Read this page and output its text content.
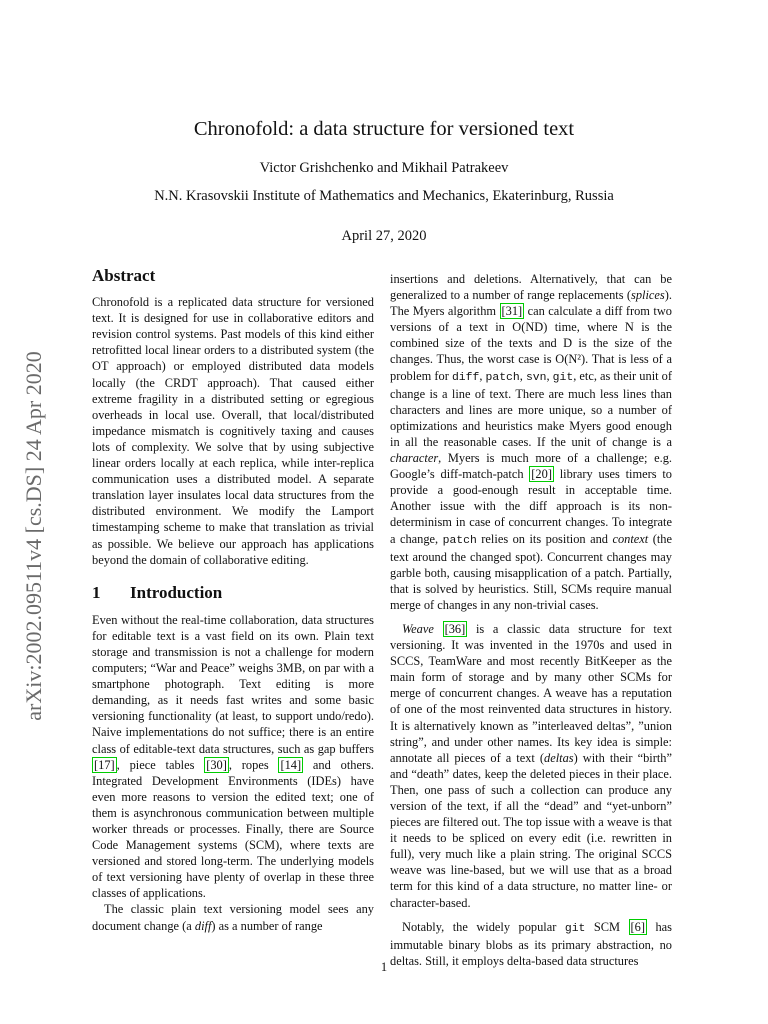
arXiv:2002.09511v4 [cs.DS] 24 Apr 2020
Chronofold: a data structure for versioned text
Victor Grishchenko and Mikhail Patrakeev
N.N. Krasovskii Institute of Mathematics and Mechanics, Ekaterinburg, Russia
April 27, 2020
Abstract

Chronofold is a replicated data structure for versioned text. It is designed for use in collaborative editors and revision control systems. Past models of this kind either retrofitted local linear orders to a distributed system (the OT approach) or employed distributed data models locally (the CRDT approach). That caused either extreme fragility in a distributed setting or egregious overheads in local use. Overall, that local/distributed impedance mismatch is cognitively taxing and causes lots of complexity. We solve that by using subjective linear orders locally at each replica, while inter-replica communication uses a distributed model. A separate translation layer insulates local data structures from the distributed environment. We modify the Lamport timestamping scheme to make that translation as trivial as possible. We believe our approach has applications beyond the domain of collaborative editing.

1 Introduction

Even without the real-time collaboration, data structures for editable text is a vast field on its own. Plain text storage and transmission is not a challenge for modern computers; “War and Peace” weighs 3MB, on par with a smartphone photograph. Text editing is more demanding, as it needs fast writes and some basic versioning functionality (at least, to support undo/redo). Naive implementations do not suffice; there is an entire class of editable-text data structures, such as gap buffers [17] , piece tables [30] , ropes [14] and others. Integrated Development Environments (IDEs) have even more reasons to version the edited text; one of them is asynchronous communication between multiple worker threads or processes. Finally, there are Source Code Management systems (SCM), where texts are versioned and stored long-term. The underlying models of text versioning have plenty of overlap in these three classes of applications.

The classic plain text versioning model sees any document change (a diff) as a number of range

insertions and deletions. Alternatively, that can be generalized to a number of range replacements (splices). The Myers algorithm [31] can calculate a diff from two versions of a text in O(ND) time, where N is the combined size of the texts and D is the size of the changes. Thus, the worst case is O(N²). That is less of a problem for diff, patch, svn, git, etc, as their unit of change is a line of text. There are much less lines than characters and lines are more unique, so a number of optimizations and heuristics make Myers good enough in all the reasonable cases. If the unit of change is a character, Myers is much more of a challenge; e.g. Google’s diff-match-patch [20] library uses timers to provide a good-enough result in acceptable time. Another issue with the diff approach is its non-determinism in case of concurrent changes. To integrate a change, patch relies on its position and context (the text around the changed spot). Concurrent changes may garble both, causing misapplication of a patch. Partially, that is solved by heuristics. Still, SCMs require manual merge of changes in any non-trivial cases.

Weave [36] is a classic data structure for text versioning. It was invented in the 1970s and used in SCCS, TeamWare and most recently BitKeeper as the main form of storage and by many other SCMs for merge of concurrent changes. A weave has a reputation of one of the most reinvented data structures in history. It is alternatively known as ”interleaved deltas”, ”union string”, and under other names. Its key idea is simple: annotate all pieces of a text (deltas) with their “birth” and “death” dates, keep the deleted pieces in their place. Then, one pass of such a collection can produce any version of the text, if all the “dead” and “yet-unborn” pieces are filtered out. The top issue with a weave is that it needs to be spliced on every edit (i.e. rewritten in full), very much like a plain string. The original SCCS weave was line-based, but we will use that as a broad term for this kind of a data structure, no matter line- or character-based.

Notably, the widely popular git SCM [6] has immutable binary blobs as its primary abstraction, no deltas. Still, it employs delta-based data structures

1
